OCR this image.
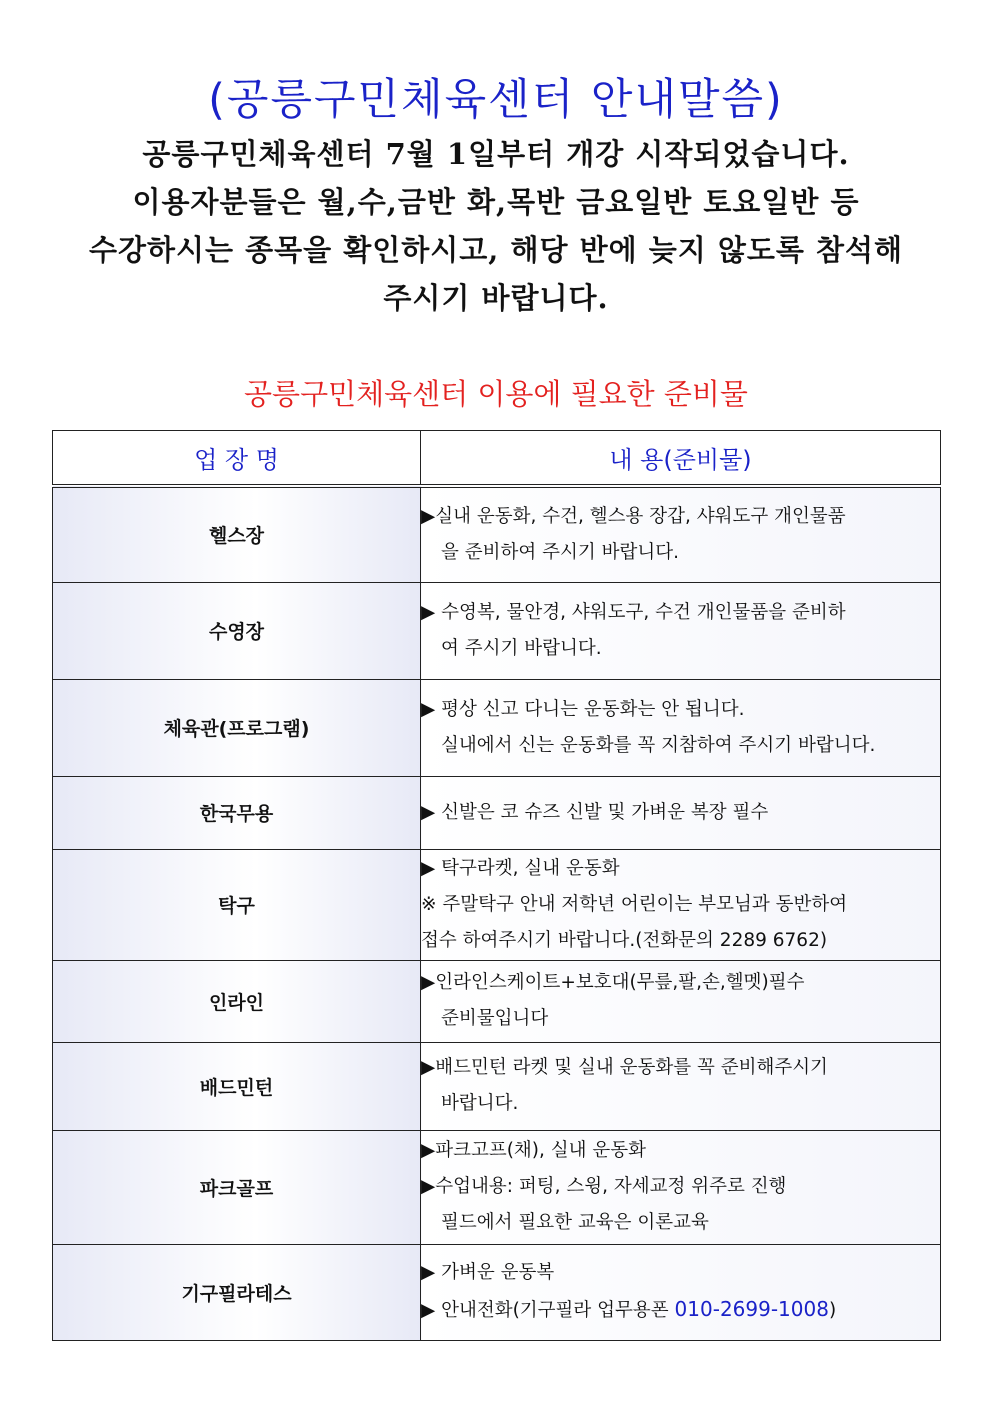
(공릉구민체육센터 안내말씀)
공릉구민체육센터 7월 1일부터 개강 시작되었습니다.
이용자분들은 월,수,금반 화,목반 금요일반 토요일반 등
수강하시는 종목을 확인하시고, 해당 반에 늦지 않도록 참석해
주시기 바랍니다.
공릉구민체육센터 이용에 필요한 준비물
업 장 명	내 용(준비물)
헬스장	▶실내 운동화, 수건, 헬스용 장갑, 샤워도구 개인물품
을 준비하여 주시기 바랍니다.

수영장	▶ 수영복, 물안경, 샤워도구, 수건 개인물품을 준비하
여 주시기 바랍니다.

체육관(프로그램)	▶ 평상 신고 다니는 운동화는 안 됩니다.
실내에서 신는 운동화를 꼭 지참하여 주시기 바랍니다.

한국무용	▶ 신발은 코 슈즈 신발 및 가벼운 복장 필수

탁구	▶ 탁구라켓, 실내 운동화
※ 주말탁구 안내 저학년 어린이는 부모님과 동반하여
접수 하여주시기 바랍니다.(전화문의 2289 6762)

인라인	▶인라인스케이트+보호대(무릎,팔,손,헬멧)필수
준비물입니다

배드민턴	▶배드민턴 라켓 및 실내 운동화를 꼭 준비해주시기
바랍니다.

파크골프	▶파크고프(채), 실내 운동화
▶수업내용: 퍼팅, 스윙, 자세교정 위주로 진행
필드에서 필요한 교육은 이론교육

기구필라테스	▶ 가벼운 운동복
▶ 안내전화(기구필라 업무용폰 010-2699-1008)
